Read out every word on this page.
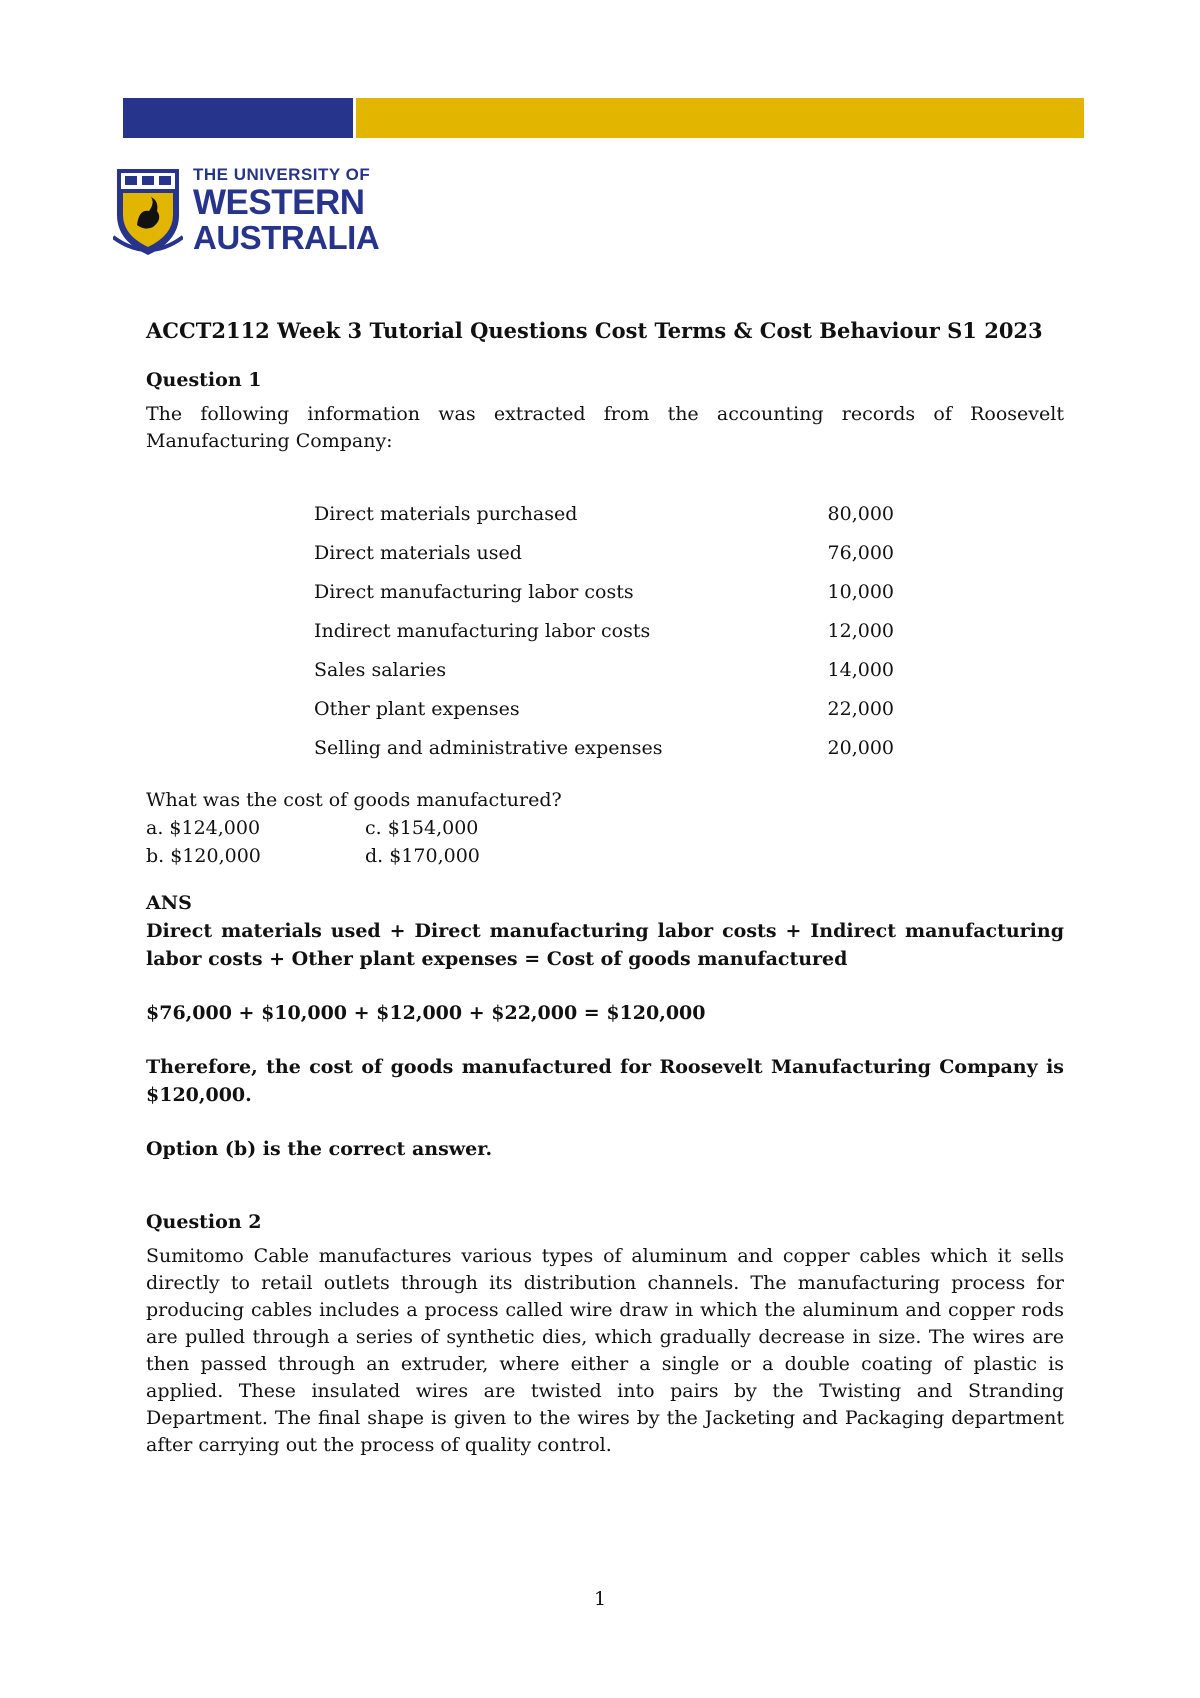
THE UNIVERSITY OF
WESTERN
AUSTRALIA

ACCT2112 Week 3 Tutorial Questions Cost Terms & Cost Behaviour S1 2023

Question 1

The following information was extracted from the accounting records of Roosevelt Manufacturing Company:

Direct materials purchased	80,000
Direct materials used	76,000
Direct manufacturing labor costs	10,000
Indirect manufacturing labor costs	12,000
Sales salaries	14,000
Other plant expenses	22,000
Selling and administrative expenses	20,000

What was the cost of goods manufactured?

a. $124,000	c. $154,000
b. $120,000	d. $170,000

ANS

Direct materials used + Direct manufacturing labor costs + Indirect manufacturing labor costs + Other plant expenses = Cost of goods manufactured

$76,000 + $10,000 + $12,000 + $22,000 = $120,000

Therefore, the cost of goods manufactured for Roosevelt Manufacturing Company is $120,000.

Option (b) is the correct answer.

Question 2

Sumitomo Cable manufactures various types of aluminum and copper cables which it sells directly to retail outlets through its distribution channels. The manufacturing process for producing cables includes a process called wire draw in which the aluminum and copper rods are pulled through a series of synthetic dies, which gradually decrease in size. The wires are then passed through an extruder, where either a single or a double coating of plastic is applied. These insulated wires are twisted into pairs by the Twisting and Stranding Department. The final shape is given to the wires by the Jacketing and Packaging department after carrying out the process of quality control.

1
